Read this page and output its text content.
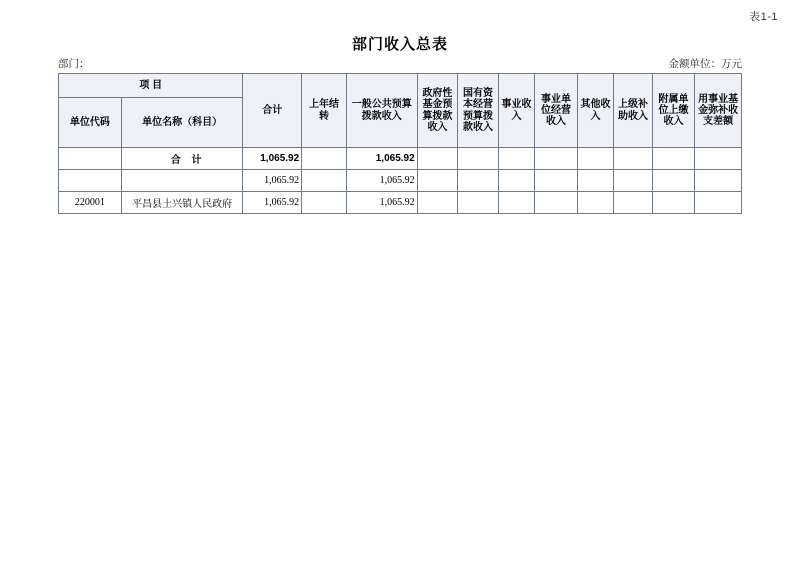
表1-1
部门收入总表
部门：	金额单位：万元
项 目		合计	上年结转	一般公共预算拨款收入	政府性基金预算拨款收入	国有资本经营预算拨款收入	事业收入	事业单位经营收入	其他收入	上级补助收入	附属单位上缴收入	用事业基金弥补收支差额
单位代码	单位名称（科目）											
	合 计	1,065.92		1,065.92								
		1,065.92		1,065.92								
220001	平昌县土兴镇人民政府	1,065.92		1,065.92								
